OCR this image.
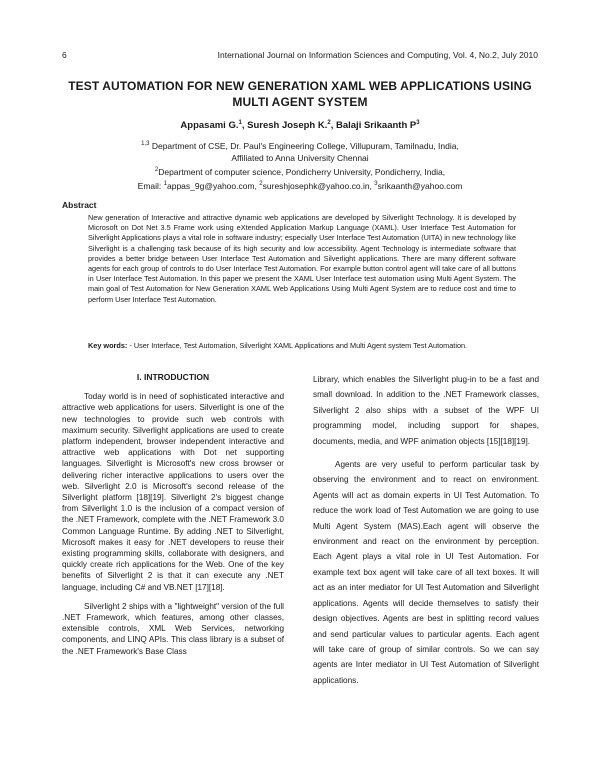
6	International Journal on Information Sciences and Computing, Vol. 4, No.2, July 2010
TEST AUTOMATION FOR NEW GENERATION XAML WEB APPLICATIONS USING MULTI AGENT SYSTEM
Appasami G.$^1$, Suresh Joseph K.$^2$, Balaji Srikaanth $P^3$
$^{1,3}$ Department of CSE, Dr. Paul's Engineering College, Villupuram, Tamilnadu, India,
Affiliated to Anna University Chennai
$^2$Department of computer science, Pondicherry University, Pondicherry, India,
Email: $^1$appas_9g@yahoo.com, $^2$sureshjosephk@yahoo.co.in, $^3$srikaanth@yahoo.com
Abstract
New generation of Interactive and attractive dynamic web applications are developed by Silverlight Technology. It is developed by Microsoft on Dot Net 3.5 Frame work using eXtended Application Markup Language (XAML). User Interface Test Automation for Silverlight Applications plays a vital role in software industry; especially User Interface Test Automation (UITA) in new technology like Silverlight is a challenging task because of its high security and low accessibility. Agent Technology is intermediate software that provides a better bridge between User Interface Test Automation and Silverlight applications. There are many different software agents for each group of controls to do User Interface Test Automation. For example button control agent will take care of all buttons in User Interface Test Automation. In this paper we present the XAML User Interface test automation using Multi Agent System. The main goal of Test Automation for New Generation XAML Web Applications Using Multi Agent System are to reduce cost and time to perform User Interface Test Automation.
Key words: - User Interface, Test Automation, Silverlight XAML Applications and Multi Agent system Test Automation.
I. INTRODUCTION

Today world is in need of sophisticated interactive and attractive web applications for users. Silverlight is one of the new technologies to provide such web controls with maximum security. Silverlight applications are used to create platform independent, browser independent interactive and attractive web applications with Dot net supporting languages. Silverlight is Microsoft's new cross browser or delivering richer interactive applications to users over the web. Silverlight 2.0 is Microsoft's second release of the Silverlight platform [18][19]. Silverlight 2's biggest change from Silverlight 1.0 is the inclusion of a compact version of the .NET Framework, complete with the .NET Framework 3.0 Common Language Runtime. By adding .NET to Silverlight, Microsoft makes it easy for .NET developers to reuse their existing programming skills, collaborate with designers, and quickly create rich applications for the Web. One of the key benefits of Silverlight 2 is that it can execute any .NET language, including C# and VB.NET [17][18].

Silverlight 2 ships with a "lightweight" version of the full .NET Framework, which features, among other classes, extensible controls, XML Web Services, networking components, and LINQ APIs. This class library is a subset of the .NET Framework's Base Class

Library, which enables the Silverlight plug-in to be a fast and small download. In addition to the .NET Framework classes, Silverlight 2 also ships with a subset of the WPF UI programming model, including support for shapes, documents, media, and WPF animation objects [15][18][19].

Agents are very useful to perform particular task by observing the environment and to react on environment. Agents will act as domain experts in UI Test Automation. To reduce the work load of Test Automation we are going to use Multi Agent System (MAS).Each agent will observe the environment and react on the environment by perception. Each Agent plays a vital role in UI Test Automation. For example text box agent will take care of all text boxes. It will act as an inter mediator for UI Test Automation and Silverlight applications. Agents will decide themselves to satisfy their design objectives. Agents are best in splitting record values and send particular values to particular agents. Each agent will take care of group of similar controls. So we can say agents are Inter mediator in UI Test Automation of Silverlight applications.
